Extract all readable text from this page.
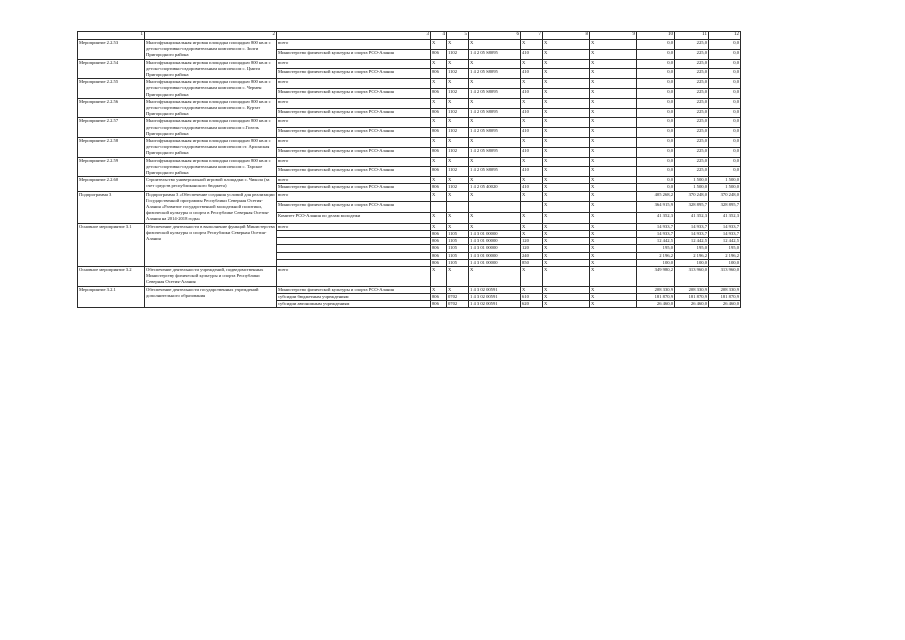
1	2	3	4	5	6	7	8	9	10	11	12
Мероприятие 2.2.53	Многофункциональная игровая площадка площадью 800 кв.м с детско-спортивно-оздоровительным комплексом с. Зилги Пригородного района	всего	Х	Х	Х	Х	Х	Х	0,0	225,0	0,0
		Министерство физической культуры и спорта РСО-Алания	806	1102	1 4 2 05 S8095	410	Х	Х	0,0	225,0	0,0
Мероприятие 2.2.54	Многофункциональная игровая площадка площадью 800 кв.м с детско-спортивно-оздоровительным комплексом с. Цмити Пригородного района	всего	Х	Х	Х	Х	Х	Х	0,0	225,0	0,0
		Министерство физической культуры и спорта РСО-Алания	806	1102	1 4 2 05 S8095	410	Х	Х	0,0	225,0	0,0
Мероприятие 2.2.55	Многофункциональная игровая площадка площадью 800 кв.м с детско-спортивно-оздоровительным комплексом с. Чермен Пригородного района	всего	Х	Х	Х	Х	Х	Х	0,0	225,0	0,0
		Министерство физической культуры и спорта РСО-Алания	806	1102	1 4 2 05 S8095	410	Х	Х	0,0	225,0	0,0
Мероприятие 2.2.56	Многофункциональная игровая площадка площадью 800 кв.м с детско-спортивно-оздоровительным комплексом с. Куртат Пригородного района	всего	Х	Х	Х	Х	Х	Х	0,0	225,0	0,0
		Министерство физической культуры и спорта РСО-Алания	806	1102	1 4 2 05 S8095	410	Х	Х	0,0	225,0	0,0
Мероприятие 2.2.57	Многофункциональная игровая площадка площадью 800 кв.м с детско-спортивно-оздоровительным комплексом с.Гизель Пригородного района	всего	Х	Х	Х	Х	Х	Х	0,0	225,0	0,0
		Министерство физической культуры и спорта РСО-Алания	806	1102	1 4 2 05 S8095	410	Х	Х	0,0	225,0	0,0
Мероприятие 2.2.58	Многофункциональная игровая площадка площадью 800 кв.м с детско-спортивно-оздоровительным комплексом ст. Архонская Пригородного района	всего	Х	Х	Х	Х	Х	Х	0,0	225,0	0,0
		Министерство физической культуры и спорта РСО-Алания	806	1102	1 4 2 05 S8095	410	Х	Х	0,0	225,0	0,0
Мероприятие 2.2.59	Многофункциональная игровая площадка площадью 800 кв.м с детско-спортивно-оздоровительным комплексом с. Тарское Пригородного района	всего	Х	Х	Х	Х	Х	Х	0,0	225,0	0,0
		Министерство физической культуры и спорта РСО-Алания	806	1102	1 4 2 05 S8095	410	Х	Х	0,0	225,0	0,0
Мероприятие 2.2.60	Строительство универсальной игровой площадки с. Чикола (за счет средств республиканского бюджета)	всего	Х	Х	Х	Х	Х	Х	0,0	1 500,0	1 500,0
		Министерство физической культуры и спорта РСО-Алания	806	1102	1 4 2 05 40020	410	Х	Х	0,0	1 500,0	1 500,0
Подпрограмма 3	Подпрограмма 3 «Обеспечение создания условий для реализации Государственной программы Республики Северная Осетия-Алания «Развитие государственной молодежной политики, физической культуры и спорта в Республике Северная Осетия-Алания на 2014-2018 годы»	всего	Х	Х	Х	Х	Х	Х	405 268,2	370 248,0	370 248,0
		Министерство физической культуры и спорта РСО-Алания					Х	Х	364 915,9	328 895,7	328 895,7
		Комитет РСО-Алания по делам молодежи	Х	Х	Х	Х	Х	Х	41 352,3	41 352,3	41 352,3
Основное мероприятие 3.1	Обеспечение деятельности в выполнение функций Министерства физической культуры и спорта Республики Северная Осетия-Алания	всего	Х	Х	Х	Х	Х	Х	14 933,7	14 933,7	14 933,7
			806	1105	1 4 3 01 00000	Х	Х	Х	14 933,7	14 933,7	14 933,7
			806	1105	1 4 3 01 00000	120	Х	Х	12 442,5	12 442,5	12 442,5
			806	1105	1 4 3 01 00000	120	Х	Х	195,0	195,0	195,0
			806	1105	1 4 3 01 00000	240	Х	Х	2 196,2	2 196,2	2 196,2
			806	1105	1 4 3 01 00000	850	Х	Х	100,0	100,0	100,0
Основное мероприятие 3.2	Обеспечение деятельности учреждений, подведомственных Министерству физической культуры и спорта Республики Северная Осетия-Алания	всего	Х	Х	Х	Х	Х	Х	349 980,2	313 960,0	313 960,0
Мероприятие 3.2.1	Обеспечение деятельности государственных учреждений дополнительного образования	Министерство физической культуры и спорта РСО-Алания	Х	Х	1 4 3 02 00591	Х	Х	Х	208 330,9	208 330,9	208 330,9
		субсидии бюджетным учреждениям	806	0702	1 4 3 02 00591	610	Х	Х	181 870,9	181 870,9	181 870,9
		субсидии автономным учреждениям	806	0702	1 4 3 02 00591	620	Х	Х	26 460,0	26 460,0	26 460,0
